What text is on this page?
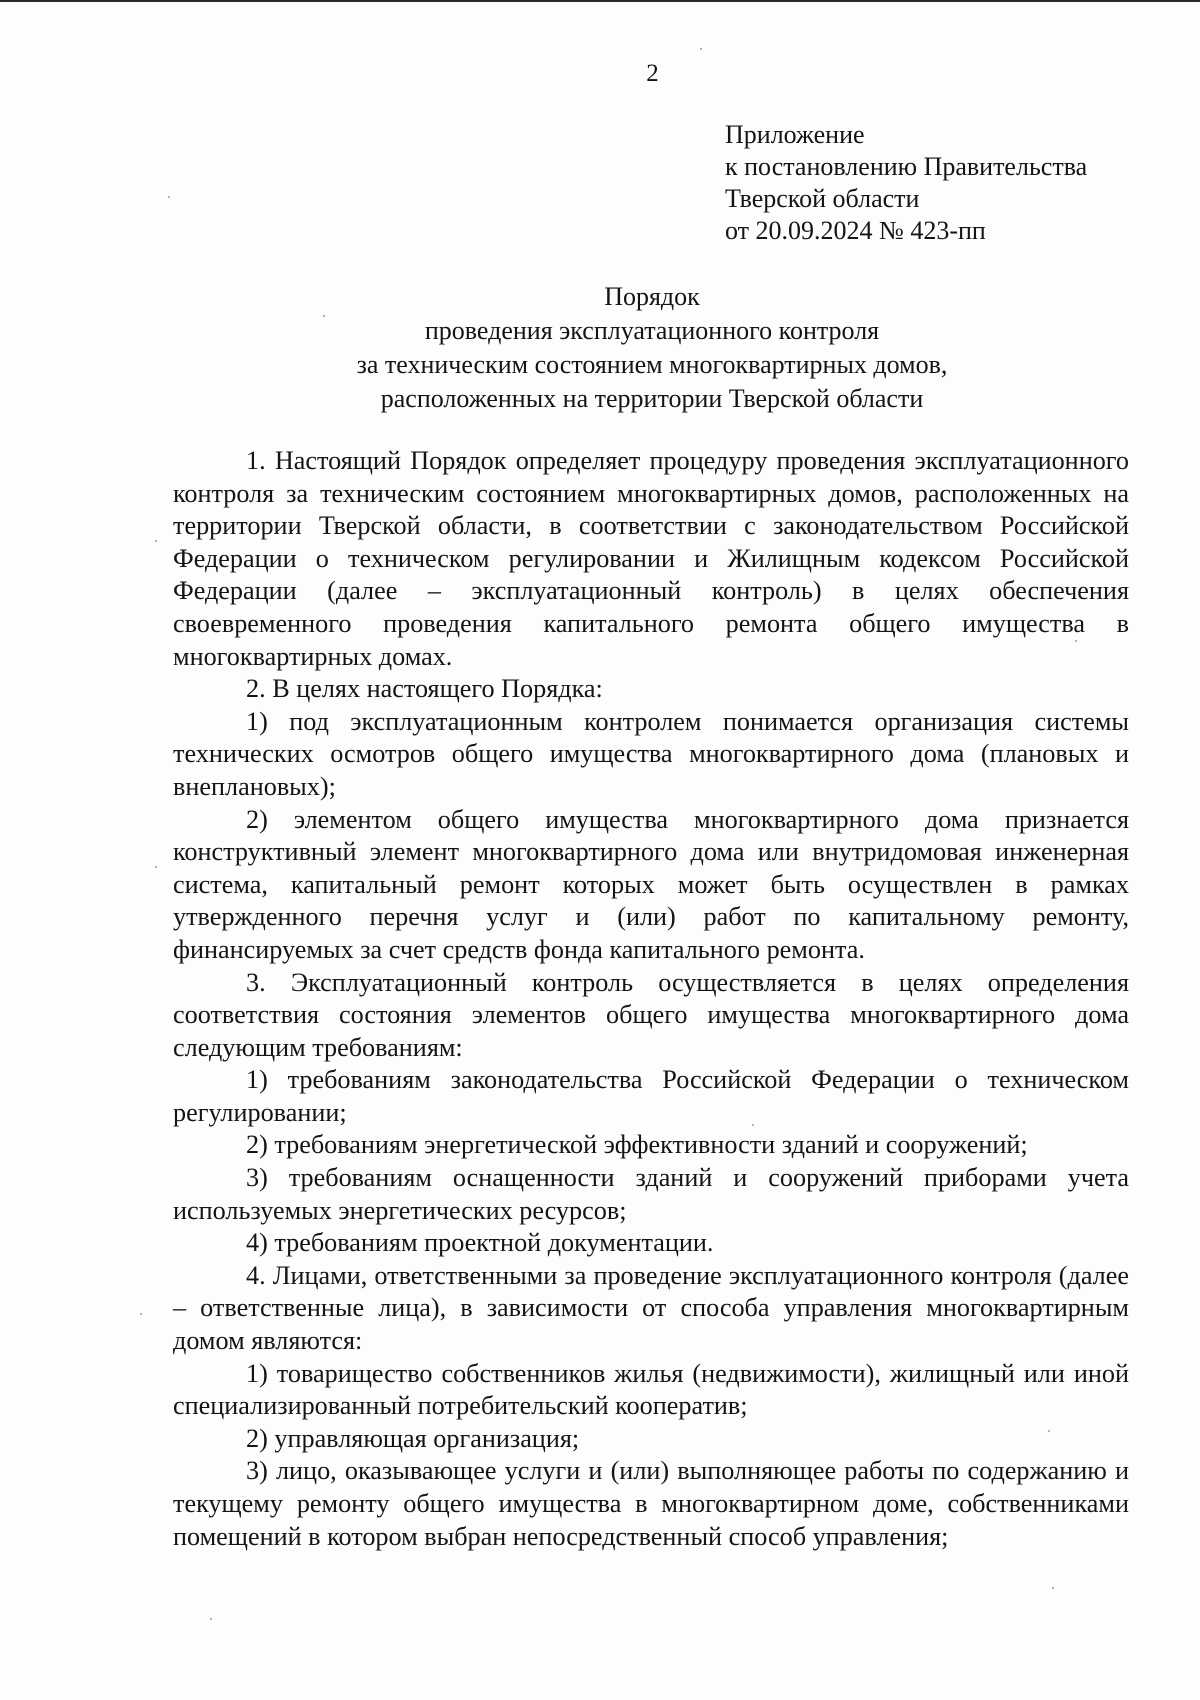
2
Приложение
к постановлению Правительства
Тверской области
от 20.09.2024 № 423-пп
Порядок
проведения эксплуатационного контроля
за техническим состоянием многоквартирных домов,
расположенных на территории Тверской области

1. Настоящий Порядок определяет процедуру проведения эксплуатационного контроля за техническим состоянием многоквартирных домов, расположенных на территории Тверской области, в соответствии с законодательством Российской Федерации о техническом регулировании и Жилищным кодексом Российской Федерации (далее – эксплуатационный контроль) в целях обеспечения своевременного проведения капитального ремонта общего имущества в многоквартирных домах.

2. В целях настоящего Порядка:

1) под эксплуатационным контролем понимается организация системы технических осмотров общего имущества многоквартирного дома (плановых и внеплановых);

2) элементом общего имущества многоквартирного дома признается конструктивный элемент многоквартирного дома или внутридомовая инженерная система, капитальный ремонт которых может быть осуществлен в рамках утвержденного перечня услуг и (или) работ по капитальному ремонту, финансируемых за счет средств фонда капитального ремонта.

3. Эксплуатационный контроль осуществляется в целях определения соответствия состояния элементов общего имущества многоквартирного дома следующим требованиям:

1) требованиям законодательства Российской Федерации о техническом регулировании;

2) требованиям энергетической эффективности зданий и сооружений;

3) требованиям оснащенности зданий и сооружений приборами учета используемых энергетических ресурсов;

4) требованиям проектной документации.

4. Лицами, ответственными за проведение эксплуатационного контроля (далее – ответственные лица), в зависимости от способа управления многоквартирным домом являются:

1) товарищество собственников жилья (недвижимости), жилищный или иной специализированный потребительский кооператив;

2) управляющая организация;

3) лицо, оказывающее услуги и (или) выполняющее работы по содержанию и текущему ремонту общего имущества в многоквартирном доме, собственниками помещений в котором выбран непосредственный способ управления;
